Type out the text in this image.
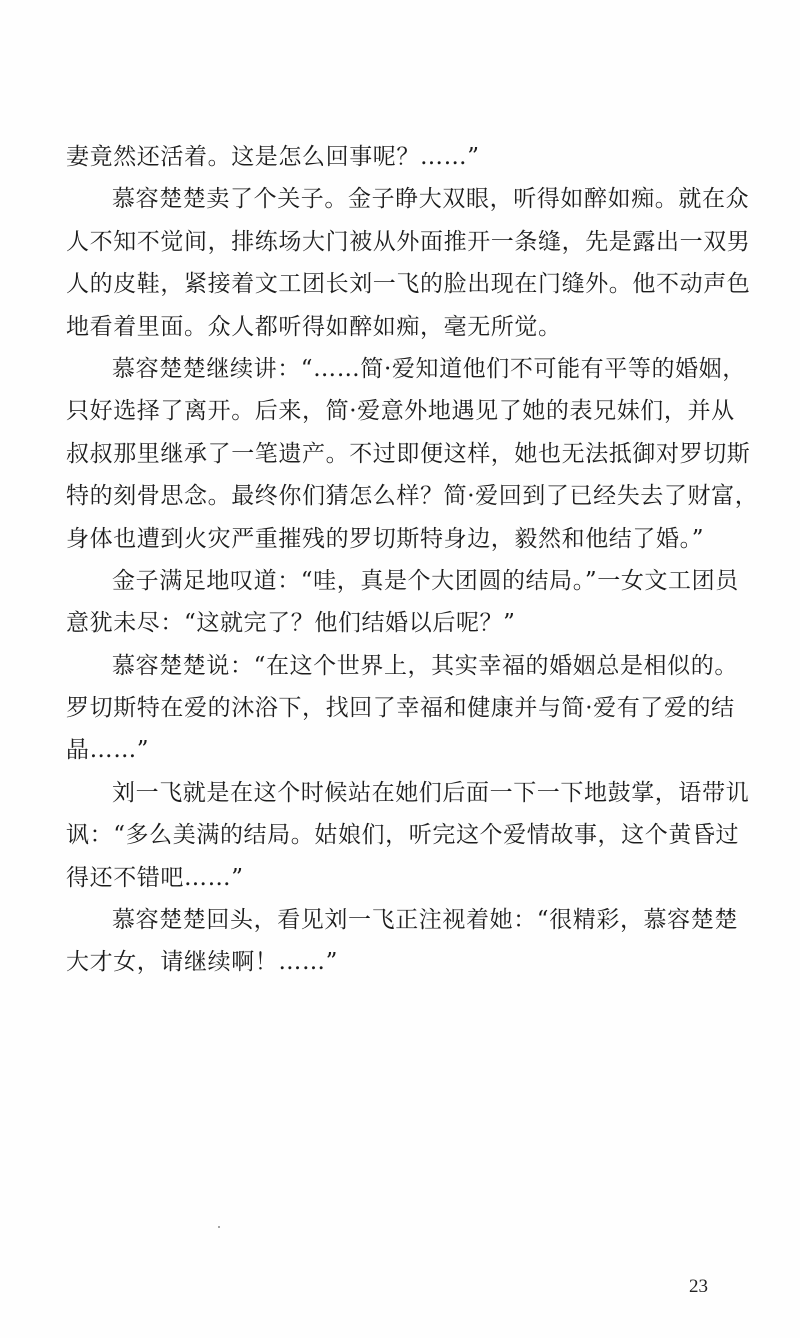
妻竟然还活着。这是怎么回事呢？……”
慕容楚楚卖了个关子。金子睁大双眼，听得如醉如痴。就在众
人不知不觉间，排练场大门被从外面推开一条缝，先是露出一双男
人的皮鞋，紧接着文工团长刘一飞的脸出现在门缝外。他不动声色
地看着里面。众人都听得如醉如痴，毫无所觉。
慕容楚楚继续讲：“……简·爱知道他们不可能有平等的婚姻，
只好选择了离开。后来，简·爱意外地遇见了她的表兄妹们，并从
叔叔那里继承了一笔遗产。不过即便这样，她也无法抵御对罗切斯
特的刻骨思念。最终你们猜怎么样？简·爱回到了已经失去了财富，
身体也遭到火灾严重摧残的罗切斯特身边，毅然和他结了婚。”
金子满足地叹道：“哇，真是个大团圆的结局。”一女文工团员
意犹未尽：“这就完了？他们结婚以后呢？”
慕容楚楚说：“在这个世界上，其实幸福的婚姻总是相似的。
罗切斯特在爱的沐浴下，找回了幸福和健康并与简·爱有了爱的结
晶……”
刘一飞就是在这个时候站在她们后面一下一下地鼓掌，语带讥
讽：“多么美满的结局。姑娘们，听完这个爱情故事，这个黄昏过
得还不错吧……”
慕容楚楚回头，看见刘一飞正注视着她：“很精彩，慕容楚楚
大才女，请继续啊！……”
23
